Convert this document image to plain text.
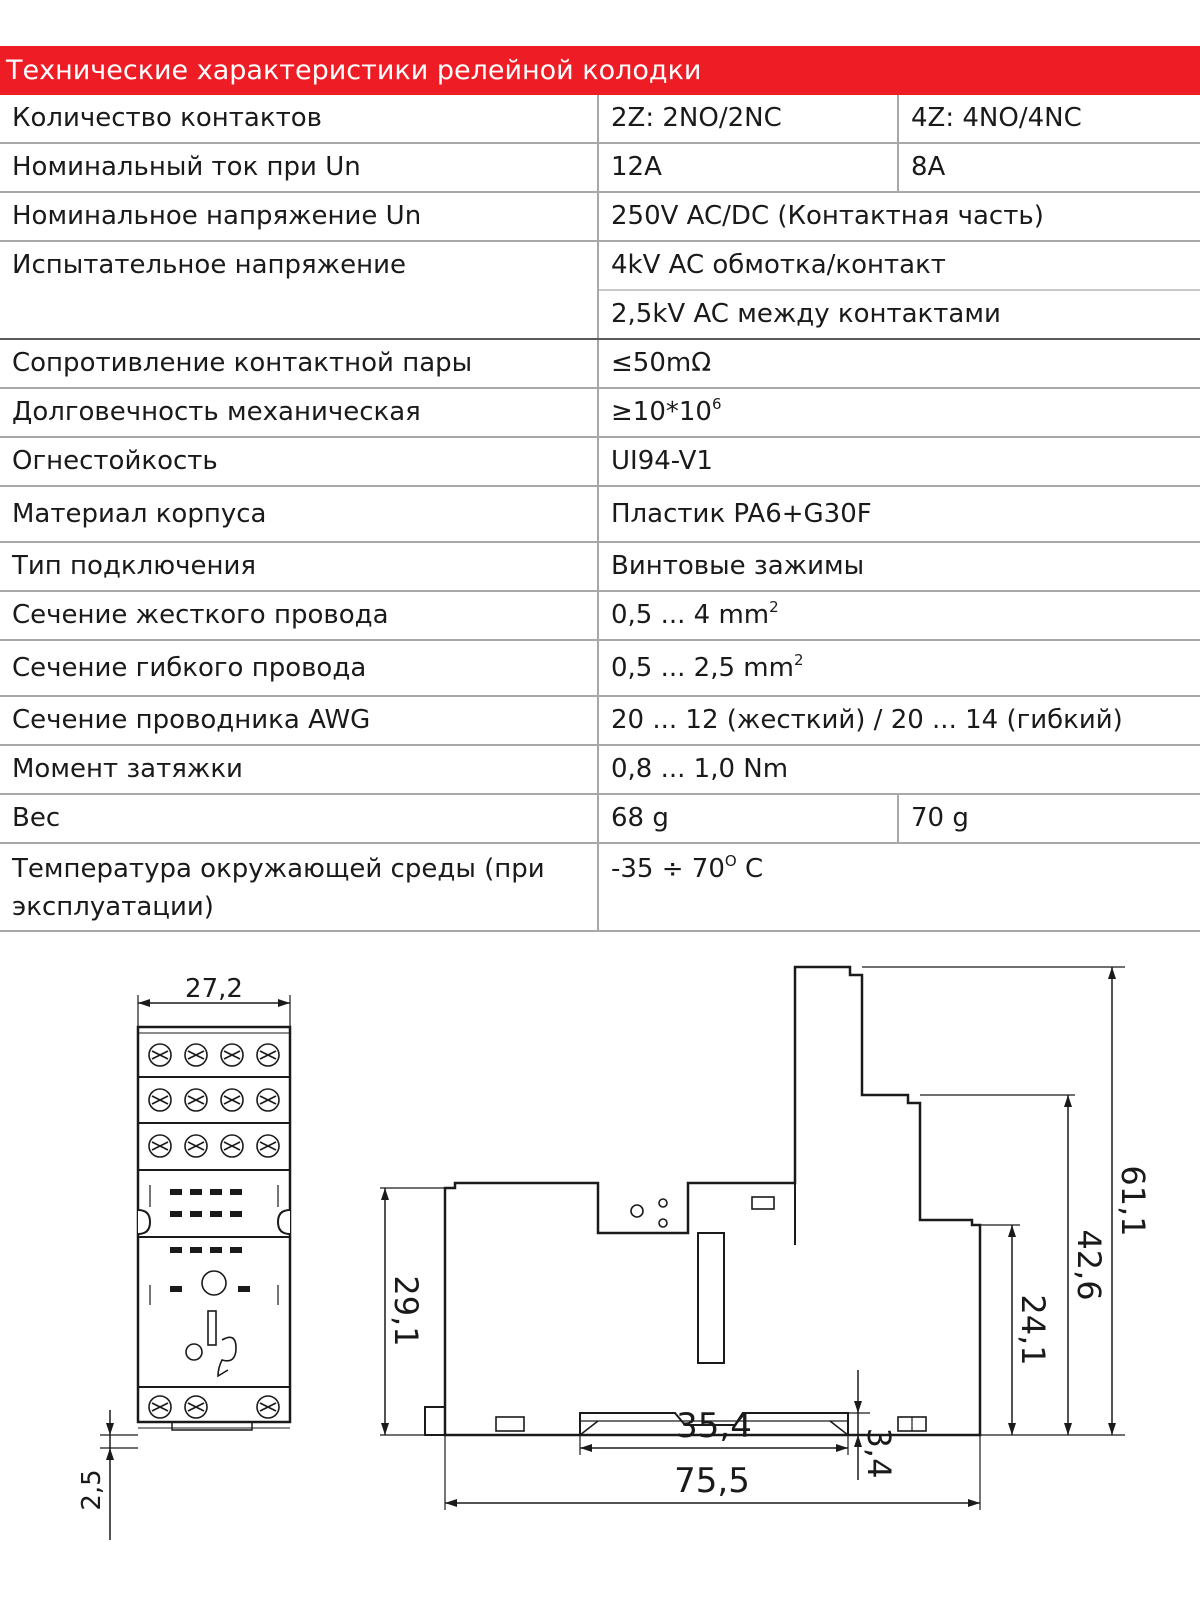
Технические характеристики релейной колодки
Количество контактов	2Z: 2NO/2NC	4Z: 4NO/4NC
Номинальный ток при Un	12A	8A
Номинальное напряжение Un	250V AC/DC (Контактная часть)	
Испытательное напряжение	4kV AC обмотка/контакт	
	2,5kV AC между контактами	
Сопротивление контактной пары	≤50mΩ	
Долговечность механическая	$\ge 10*10^6$
Огнестойкость	UI94-V1	
Материал корпуса	Пластик PA6+G30F	
Тип подключения	Винтовые зажимы	
Сечение жесткого провода	0,5 ... 4 $mm^2$
Сечение гибкого провода	0,5 ... 2,5 $mm^2$
Сечение проводника AWG	20 ... 12 (жесткий) / 20 ... 14 (гибкий)	
Момент затяжки	0,8 ... 1,0 Nm	
Вес	68 g	70 g
Температура окружающей среды (при эксплуатации)	$-35 \div 70^O$ C	
27,2
2,5
29,1	24,1
42,6
61,1
35,4
75,5
3,4
